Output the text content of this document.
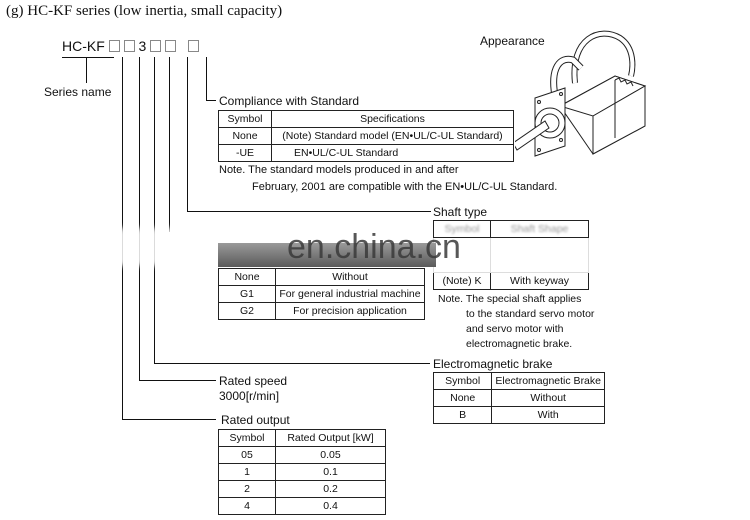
(g) HC-KF series (low inertia, small capacity)
HC-KF 3
Series name
Compliance with Standard
Symbol	Specifications
None	(Note) Standard model (EN•UL/C-UL Standard)
-UE	EN•UL/C-UL Standard
Note. The standard models produced in and after
February, 2001 are compatible with the EN•UL/C-UL Standard.
Appearance
Shaft type
Symbol	Shaft Shape

(Note) K	With keyway
Note. The special shaft applies
to the standard servo motor
and servo motor with
electromagnetic brake.
en.china.cn
None	Without
G1	For general industrial machine
G2	For precision application
Electromagnetic brake
Symbol	Electromagnetic Brake
None	Without
B	With
Rated speed
3000[r/min]
Rated output
Symbol	Rated Output [kW]
05	0.05
1	0.1
2	0.2
4	0.4
